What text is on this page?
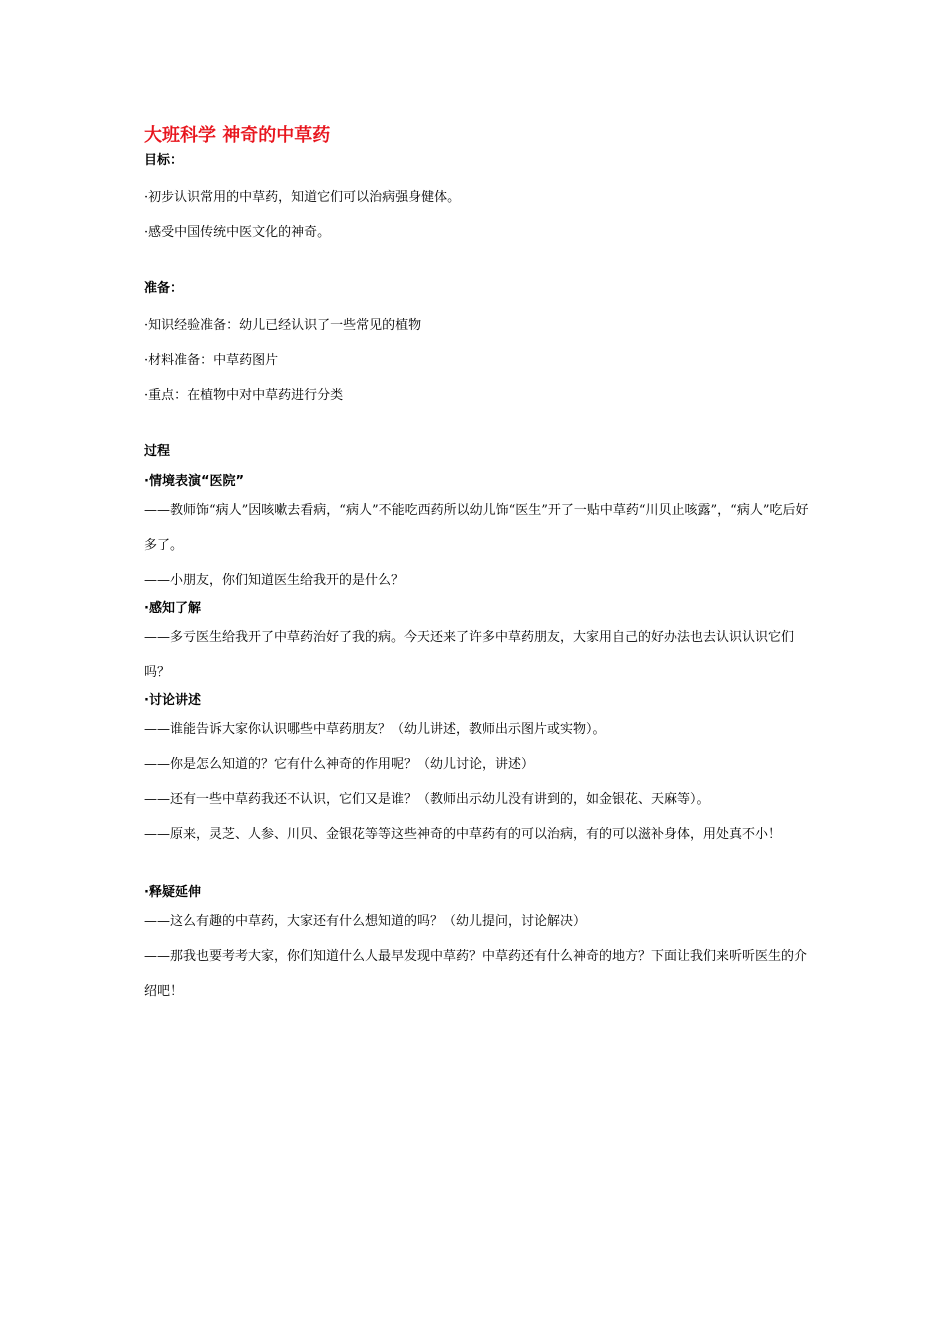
大班科学 神奇的中草药
目标：

·初步认识常用的中草药，知道它们可以治病强身健体。

·感受中国传统中医文化的神奇。

准备：

·知识经验准备：幼儿已经认识了一些常见的植物

·材料准备：中草药图片

·重点：在植物中对中草药进行分类

过程
·情境表演“医院”

——教师饰“病人”因咳嗽去看病，“病人”不能吃西药所以幼儿饰“医生”开了一贴中草药“川贝止咳露”，“病人”吃后好多了。

——小朋友，你们知道医生给我开的是什么？

·感知了解

——多亏医生给我开了中草药治好了我的病。今天还来了许多中草药朋友，大家用自己的好办法也去认识认识它们吗？

·讨论讲述

——谁能告诉大家你认识哪些中草药朋友？（幼儿讲述，教师出示图片或实物）。

——你是怎么知道的？它有什么神奇的作用呢？（幼儿讨论，讲述）

——还有一些中草药我还不认识，它们又是谁？（教师出示幼儿没有讲到的，如金银花、天麻等）。

——原来，灵芝、人参、川贝、金银花等等这些神奇的中草药有的可以治病，有的可以滋补身体，用处真不小！

·释疑延伸

——这么有趣的中草药，大家还有什么想知道的吗？（幼儿提问，讨论解决）

——那我也要考考大家，你们知道什么人最早发现中草药？中草药还有什么神奇的地方？下面让我们来听听医生的介绍吧！
